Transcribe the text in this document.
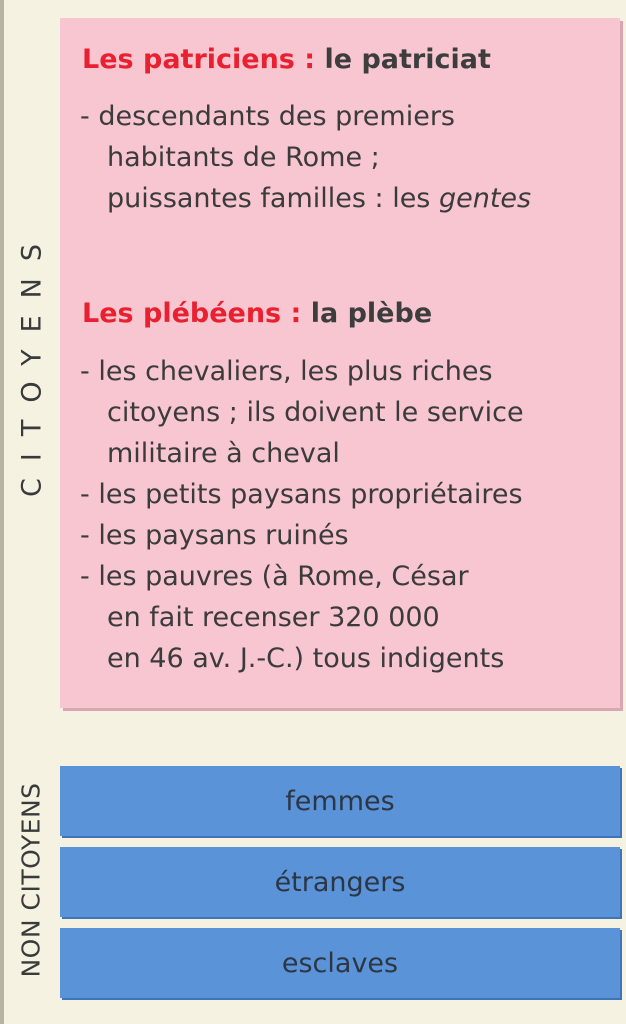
CITOYENS
NON CITOYENS
Les patriciens : le patriciat
- descendants des premiers
habitants de Rome ;
puissantes familles : les gentes
Les plébéens : la plèbe
- les chevaliers, les plus riches
citoyens ; ils doivent le service
militaire à cheval
- les petits paysans propriétaires
- les paysans ruinés
- les pauvres (à Rome, César
en fait recenser 320 000
en 46 av. J.-C.) tous indigents
femmes
étrangers
esclaves
